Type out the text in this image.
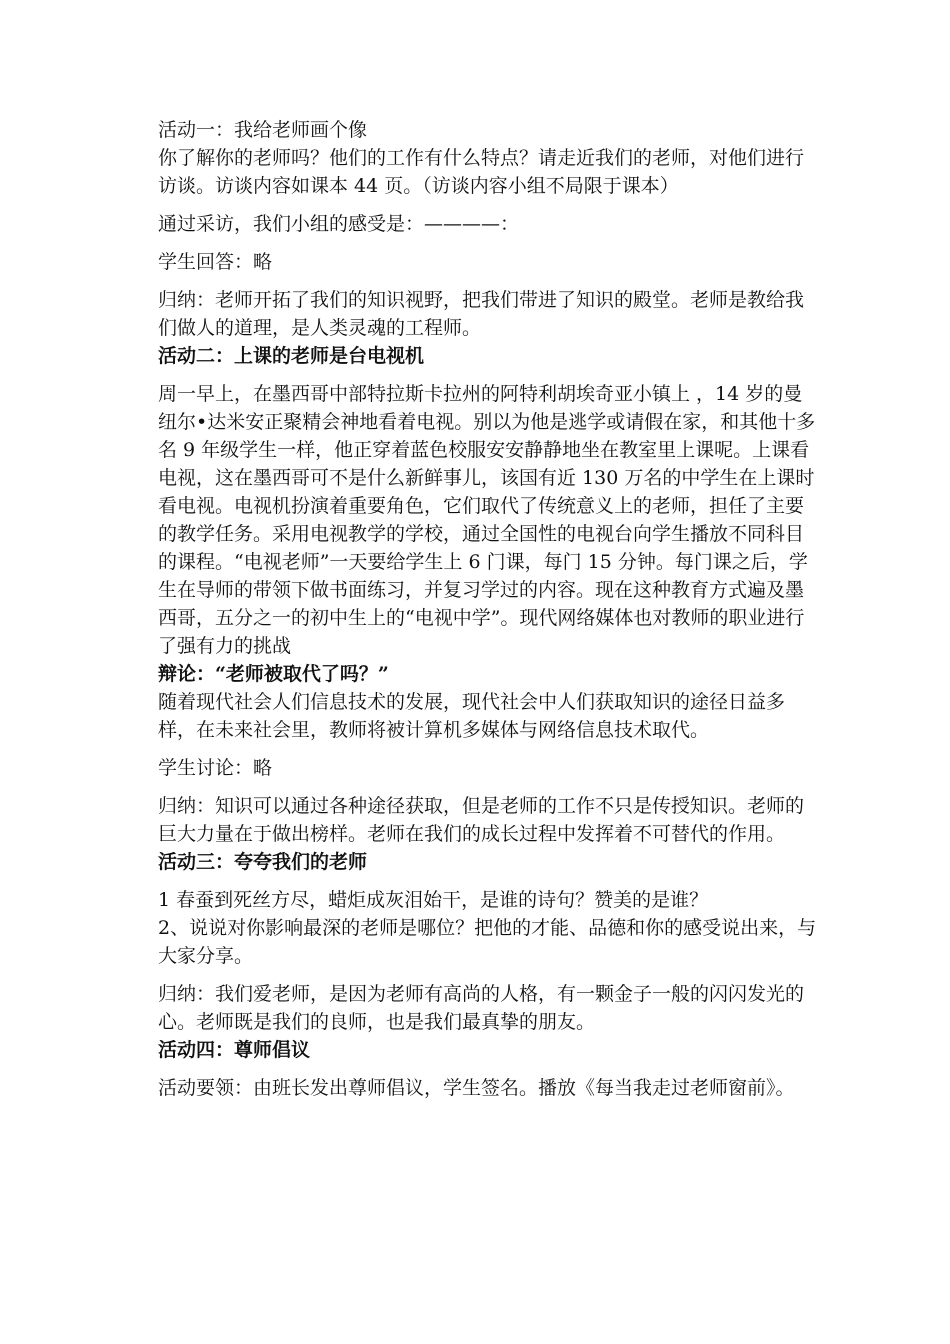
活动一：我给老师画个像

你了解你的老师吗？他们的工作有什么特点？请走近我们的老师，对他们进行访谈。访谈内容如课本 44 页。（访谈内容小组不局限于课本）

通过采访，我们小组的感受是：————：

学生回答：略

归纳：老师开拓了我们的知识视野，把我们带进了知识的殿堂。老师是教给我们做人的道理，是人类灵魂的工程师。

活动二：上课的老师是台电视机

周一早上，在墨西哥中部特拉斯卡拉州的阿特利胡埃奇亚小镇上 ，14 岁的曼纽尔•达米安正聚精会神地看着电视。别以为他是逃学或请假在家，和其他十多名 9 年级学生一样，他正穿着蓝色校服安安静静地坐在教室里上课呢。上课看电视，这在墨西哥可不是什么新鲜事儿，该国有近 130 万名的中学生在上课时看电视。电视机扮演着重要角色，它们取代了传统意义上的老师，担任了主要的教学任务。采用电视教学的学校，通过全国性的电视台向学生播放不同科目的课程。“电视老师”一天要给学生上 6 门课，每门 15 分钟。每门课之后，学生在导师的带领下做书面练习，并复习学过的内容。现在这种教育方式遍及墨西哥，五分之一的初中生上的“电视中学”。现代网络媒体也对教师的职业进行了强有力的挑战

辩论：“老师被取代了吗？”

随着现代社会人们信息技术的发展，现代社会中人们获取知识的途径日益多样，在未来社会里，教师将被计算机多媒体与网络信息技术取代。

学生讨论：略

归纳：知识可以通过各种途径获取，但是老师的工作不只是传授知识。老师的巨大力量在于做出榜样。老师在我们的成长过程中发挥着不可替代的作用。

活动三：夸夸我们的老师

1 春蚕到死丝方尽，蜡炬成灰泪始干，是谁的诗句？赞美的是谁？

2、说说对你影响最深的老师是哪位？把他的才能、品德和你的感受说出来，与大家分享。

归纳：我们爱老师，是因为老师有高尚的人格，有一颗金子一般的闪闪发光的心。老师既是我们的良师，也是我们最真挚的朋友。

活动四：尊师倡议

活动要领：由班长发出尊师倡议，学生签名。播放《每当我走过老师窗前》。
